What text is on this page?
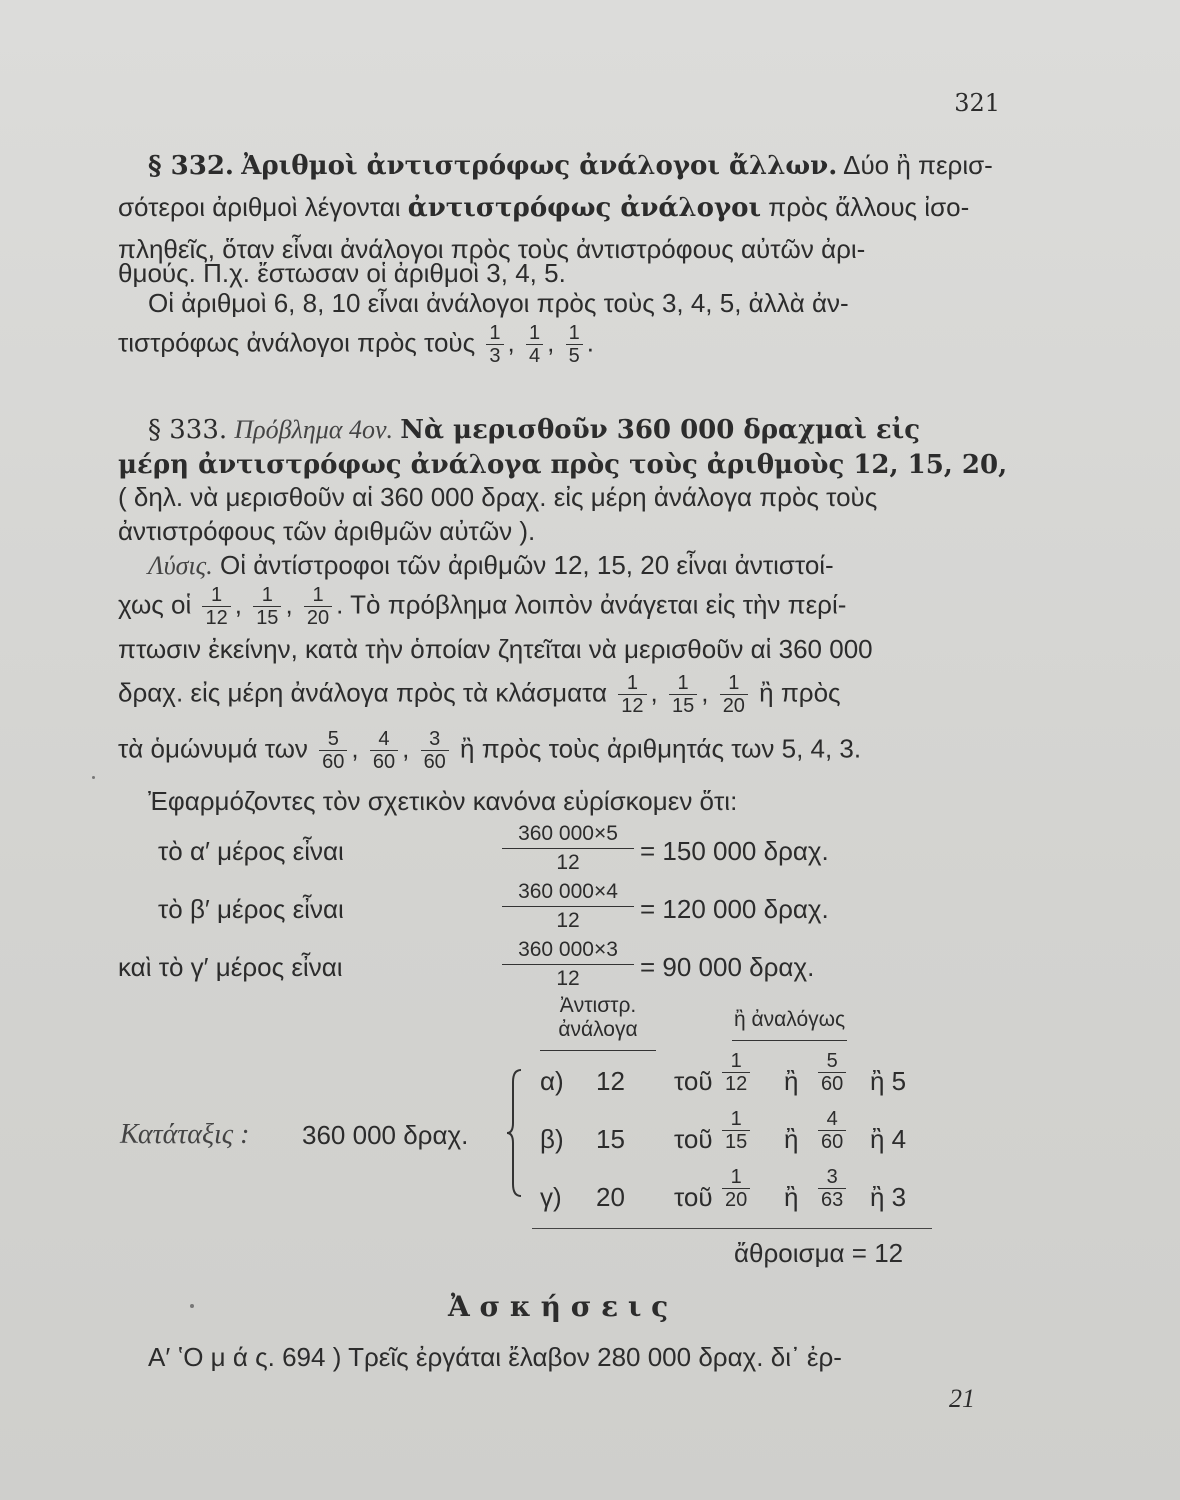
321
§ 332. Ἀριθμοὶ ἀντιστρόφως ἀνάλογοι ἄλλων. Δύο ἢ περισ-
σότεροι ἀριθμοὶ λέγονται ἀντιστρόφως ἀνάλογοι πρὸς ἄλλους ἰσο-
πληθεῖς, ὅταν εἶναι ἀνάλογοι πρὸς τοὺς ἀντιστρόφους αὐτῶν ἀρι-
θμούς. Π.χ. ἔστωσαν οἱ ἀριθμοὶ 3, 4, 5.
Οἱ ἀριθμοὶ 6, 8, 10 εἶναι ἀνάλογοι πρὸς τοὺς 3, 4, 5, ἀλλὰ ἀν-
τιστρόφως ἀνάλογοι πρὸς τοὺς $\frac{1}{3}$ , $\frac{1}{4}$ , $\frac{1}{5}$ .
§ 333. Πρόβλημα 4ον. Νὰ μερισθοῦν 360 000 δραχμαὶ εἰς
μέρη ἀντιστρόφως ἀνάλογα πρὸς τοὺς ἀριθμοὺς 12, 15, 20,
( δηλ. νὰ μερισθοῦν αἱ 360 000 δραχ. εἰς μέρη ἀνάλογα πρὸς τοὺς
ἀντιστρόφους τῶν ἀριθμῶν αὐτῶν ).
Λύσις. Οἱ ἀντίστροφοι τῶν ἀριθμῶν 12, 15, 20 εἶναι ἀντιστοί-
χως οἱ $\frac{1}{12}$ , $\frac{1}{15}$ , $\frac{1}{20}$ . Τὸ πρόβλημα λοιπὸν ἀνάγεται εἰς τὴν περί-
πτωσιν ἐκείνην, κατὰ τὴν ὁποίαν ζητεῖται νὰ μερισθοῦν αἱ 360 000
δραχ. εἰς μέρη ἀνάλογα πρὸς τὰ κλάσματα $\frac{1}{12}$ , $\frac{1}{15}$ , $\frac{1}{20}$ ἢ πρὸς
τὰ ὁμώνυμά των $\frac{5}{60}$ , $\frac{4}{60}$ , $\frac{3}{60}$ ἢ πρὸς τοὺς ἀριθμητάς των 5, 4, 3.
Ἐφαρμόζοντες τὸν σχετικὸν κανόνα εὑρίσκομεν ὅτι:
τὸ α′ μέρος εἶναι	$\frac{360 000\times 5}{12} = 150$ 000 δραχ.
τὸ β′ μέρος εἶναι	$\frac{360 000\times 4}{12} = 120$ 000 δραχ.
καὶ τὸ γ′ μέρος εἶναι	$\frac{360 000\times 3}{12} = 90$ 000 δραχ.
Ἀντιστρ.
ἀνάλογα	ἢ ἀναλόγως
Κατάταξις : 360 000 δραχ.
α) 12 τοῦ $\frac{1}{12}$ ἢ $\frac{5}{60}$ ἢ 5
β) 15 τοῦ $\frac{1}{15}$ ἢ $\frac{4}{60}$ ἢ 4
γ) 20 τοῦ $\frac{1}{20}$ ἢ $\frac{3}{63}$ ἢ 3
ἄθροισμα = 12
Ἀ σ κ ή σ ε ι ς
Α′ ʽΟ μ ά ς. 694 ) Τρεῖς ἐργάται ἔλαβον 280 000 δραχ. δι᾿ ἐρ-
21
